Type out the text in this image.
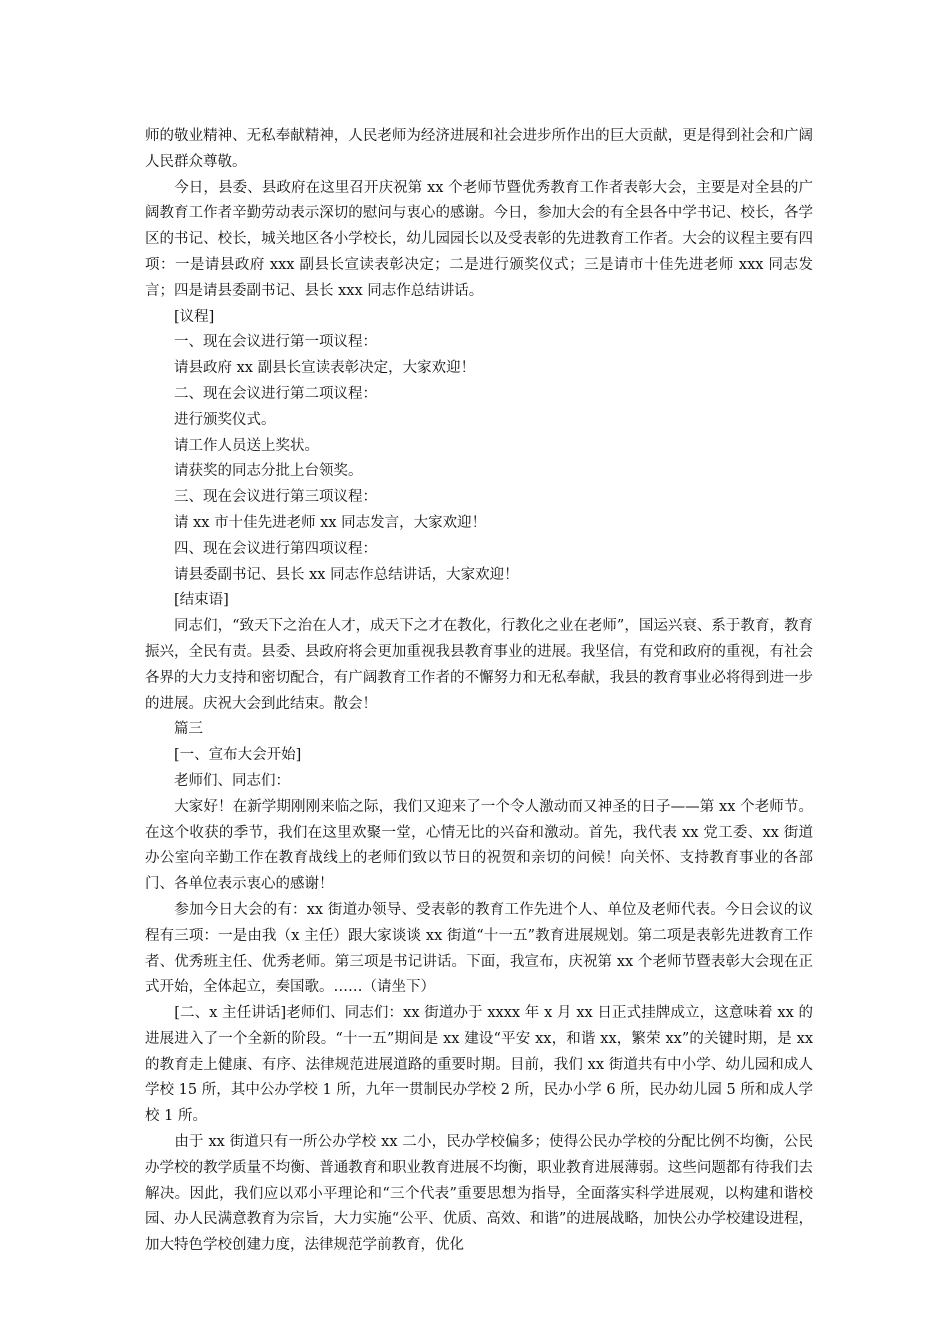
师的敬业精神、无私奉献精神，人民老师为经济进展和社会进步所作出的巨大贡献，更是得到社会和广阔人民群众尊敬。

　　今日，县委、县政府在这里召开庆祝第 xx 个老师节暨优秀教育工作者表彰大会，主要是对全县的广阔教育工作者辛勤劳动表示深切的慰问与衷心的感谢。今日，参加大会的有全县各中学书记、校长，各学区的书记、校长，城关地区各小学校长，幼儿园园长以及受表彰的先进教育工作者。大会的议程主要有四项：一是请县政府 xxx 副县长宣读表彰决定；二是进行颁奖仪式；三是请市十佳先进老师 xxx 同志发言；四是请县委副书记、县长 xxx 同志作总结讲话。

　　[议程]

　　一、现在会议进行第一项议程：

　　请县政府 xx 副县长宣读表彰决定，大家欢迎！

　　二、现在会议进行第二项议程：

　　进行颁奖仪式。

　　请工作人员送上奖状。

　　请获奖的同志分批上台领奖。

　　三、现在会议进行第三项议程：

　　请 xx 市十佳先进老师 xx 同志发言，大家欢迎！

　　四、现在会议进行第四项议程：

　　请县委副书记、县长 xx 同志作总结讲话，大家欢迎！

　　[结束语]

　　同志们，“致天下之治在人才，成天下之才在教化，行教化之业在老师”，国运兴衰、系于教育，教育振兴，全民有责。县委、县政府将会更加重视我县教育事业的进展。我坚信，有党和政府的重视，有社会各界的大力支持和密切配合，有广阔教育工作者的不懈努力和无私奉献，我县的教育事业必将得到进一步的进展。庆祝大会到此结束。散会！

　　篇三

　　[一、宣布大会开始]

　　老师们、同志们：

　　大家好！在新学期刚刚来临之际，我们又迎来了一个令人激动而又神圣的日子——第 xx 个老师节。在这个收获的季节，我们在这里欢聚一堂，心情无比的兴奋和激动。首先，我代表 xx 党工委、xx 街道办公室向辛勤工作在教育战线上的老师们致以节日的祝贺和亲切的问候！向关怀、支持教育事业的各部门、各单位表示衷心的感谢！

　　参加今日大会的有：xx 街道办领导、受表彰的教育工作先进个人、单位及老师代表。今日会议的议程有三项：一是由我（x 主任）跟大家谈谈 xx 街道“十一五”教育进展规划。第二项是表彰先进教育工作者、优秀班主任、优秀老师。第三项是书记讲话。下面，我宣布，庆祝第 xx 个老师节暨表彰大会现在正式开始，全体起立，奏国歌。……（请坐下）

　　[二、x 主任讲话]老师们、同志们：xx 街道办于 xxxx 年 x 月 xx 日正式挂牌成立，这意味着 xx 的进展进入了一个全新的阶段。“十一五”期间是 xx 建设“平安 xx，和谐 xx，繁荣 xx”的关键时期，是 xx 的教育走上健康、有序、法律规范进展道路的重要时期。目前，我们 xx 街道共有中小学、幼儿园和成人学校 15 所，其中公办学校 1 所，九年一贯制民办学校 2 所，民办小学 6 所，民办幼儿园 5 所和成人学校 1 所。

　　由于 xx 街道只有一所公办学校 xx 二小，民办学校偏多；使得公民办学校的分配比例不均衡，公民办学校的教学质量不均衡、普通教育和职业教育进展不均衡，职业教育进展薄弱。这些问题都有待我们去解决。因此，我们应以邓小平理论和“三个代表”重要思想为指导，全面落实科学进展观，以构建和谐校园、办人民满意教育为宗旨，大力实施“公平、优质、高效、和谐”的进展战略，加快公办学校建设进程，加大特色学校创建力度，法律规范学前教育，优化
